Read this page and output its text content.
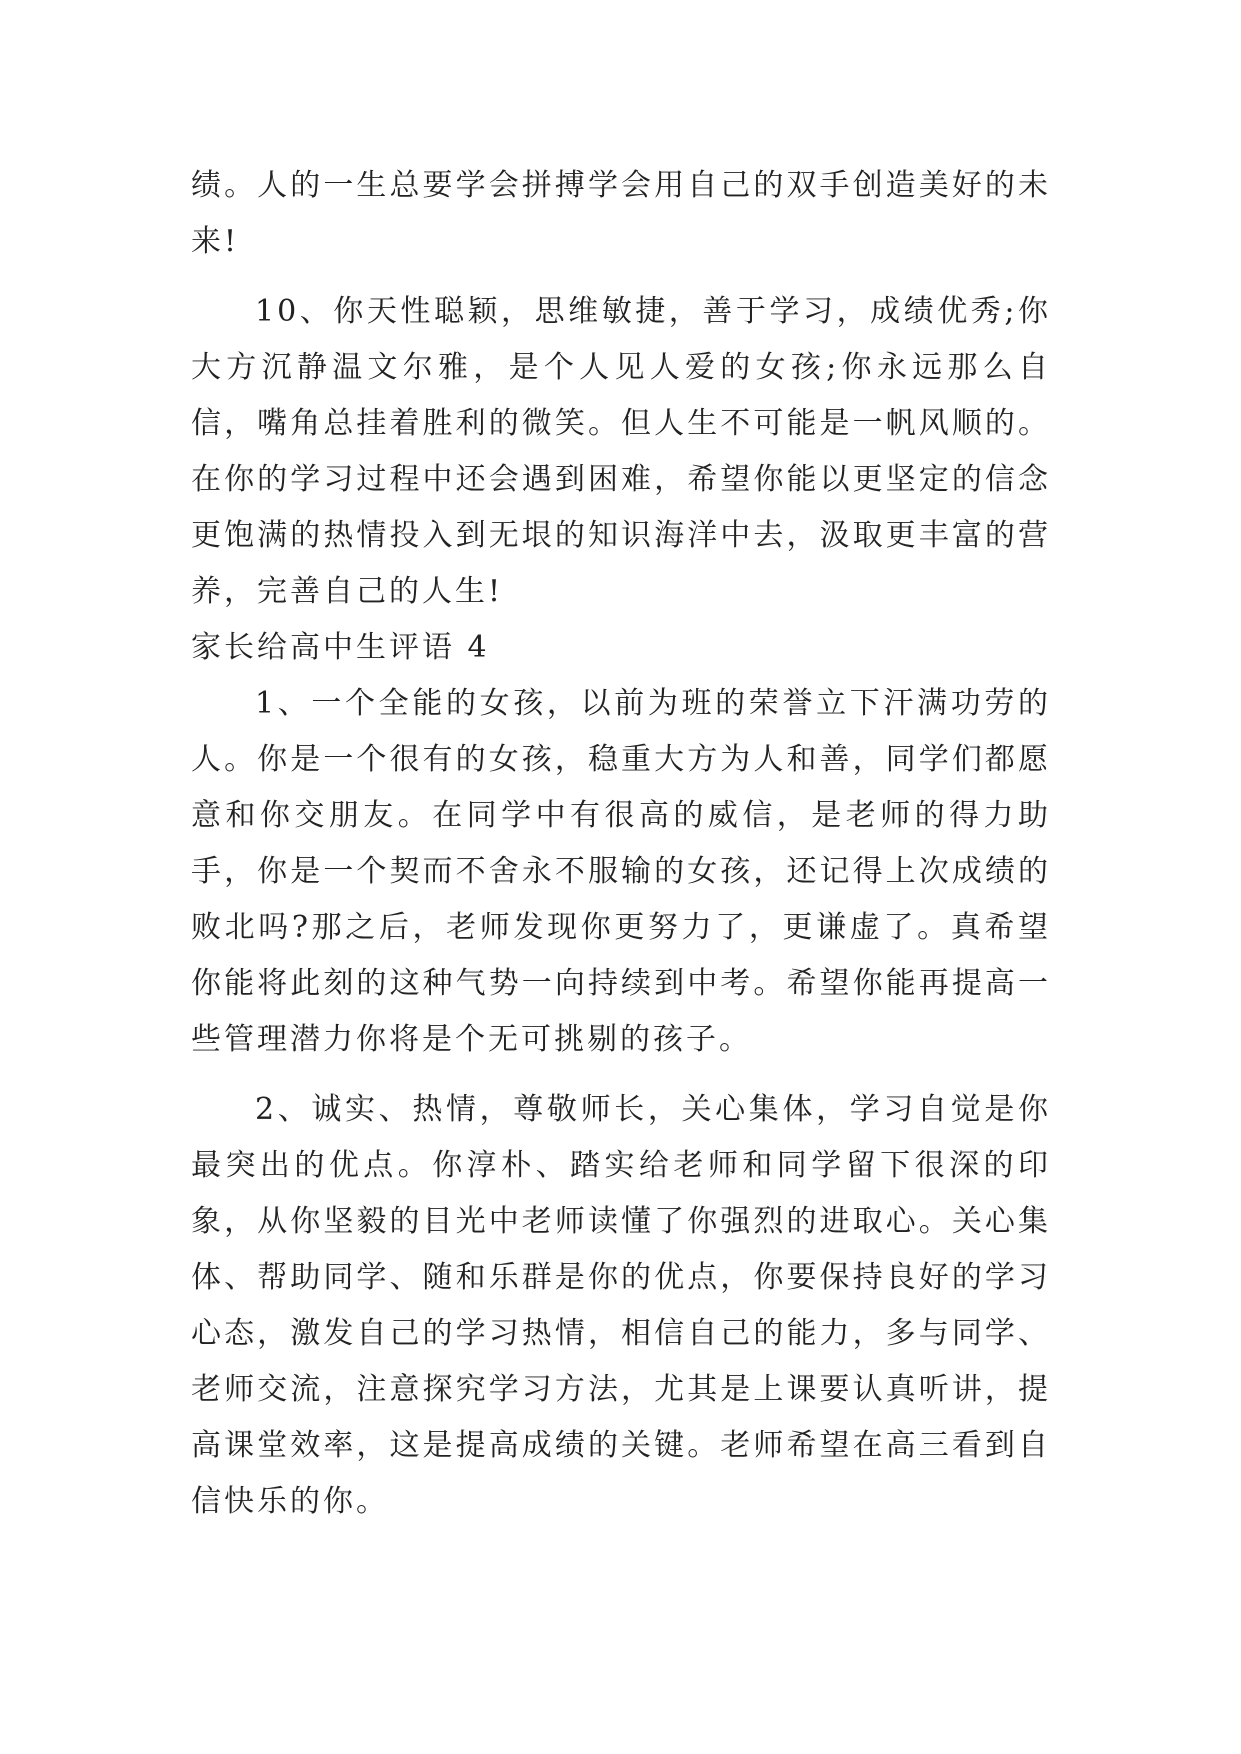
绩。人的一生总要学会拼搏学会用自己的双手创造美好的未来!

10、你天性聪颖，思维敏捷，善于学习，成绩优秀;你大方沉静温文尔雅，是个人见人爱的女孩;你永远那么自信，嘴角总挂着胜利的微笑。但人生不可能是一帆风顺的。在你的学习过程中还会遇到困难，希望你能以更坚定的信念更饱满的热情投入到无垠的知识海洋中去，汲取更丰富的营养，完善自己的人生!

家长给高中生评语 4

1、一个全能的女孩，以前为班的荣誉立下汗满功劳的人。你是一个很有的女孩，稳重大方为人和善，同学们都愿意和你交朋友。在同学中有很高的威信，是老师的得力助手，你是一个契而不舍永不服输的女孩，还记得上次成绩的败北吗?那之后，老师发现你更努力了，更谦虚了。真希望你能将此刻的这种气势一向持续到中考。希望你能再提高一些管理潜力你将是个无可挑剔的孩子。

2、诚实、热情，尊敬师长，关心集体，学习自觉是你最突出的优点。你淳朴、踏实给老师和同学留下很深的印象，从你坚毅的目光中老师读懂了你强烈的进取心。关心集体、帮助同学、随和乐群是你的优点，你要保持良好的学习心态，激发自己的学习热情，相信自己的能力，多与同学、老师交流，注意探究学习方法，尤其是上课要认真听讲，提高课堂效率，这是提高成绩的关键。老师希望在高三看到自信快乐的你。
